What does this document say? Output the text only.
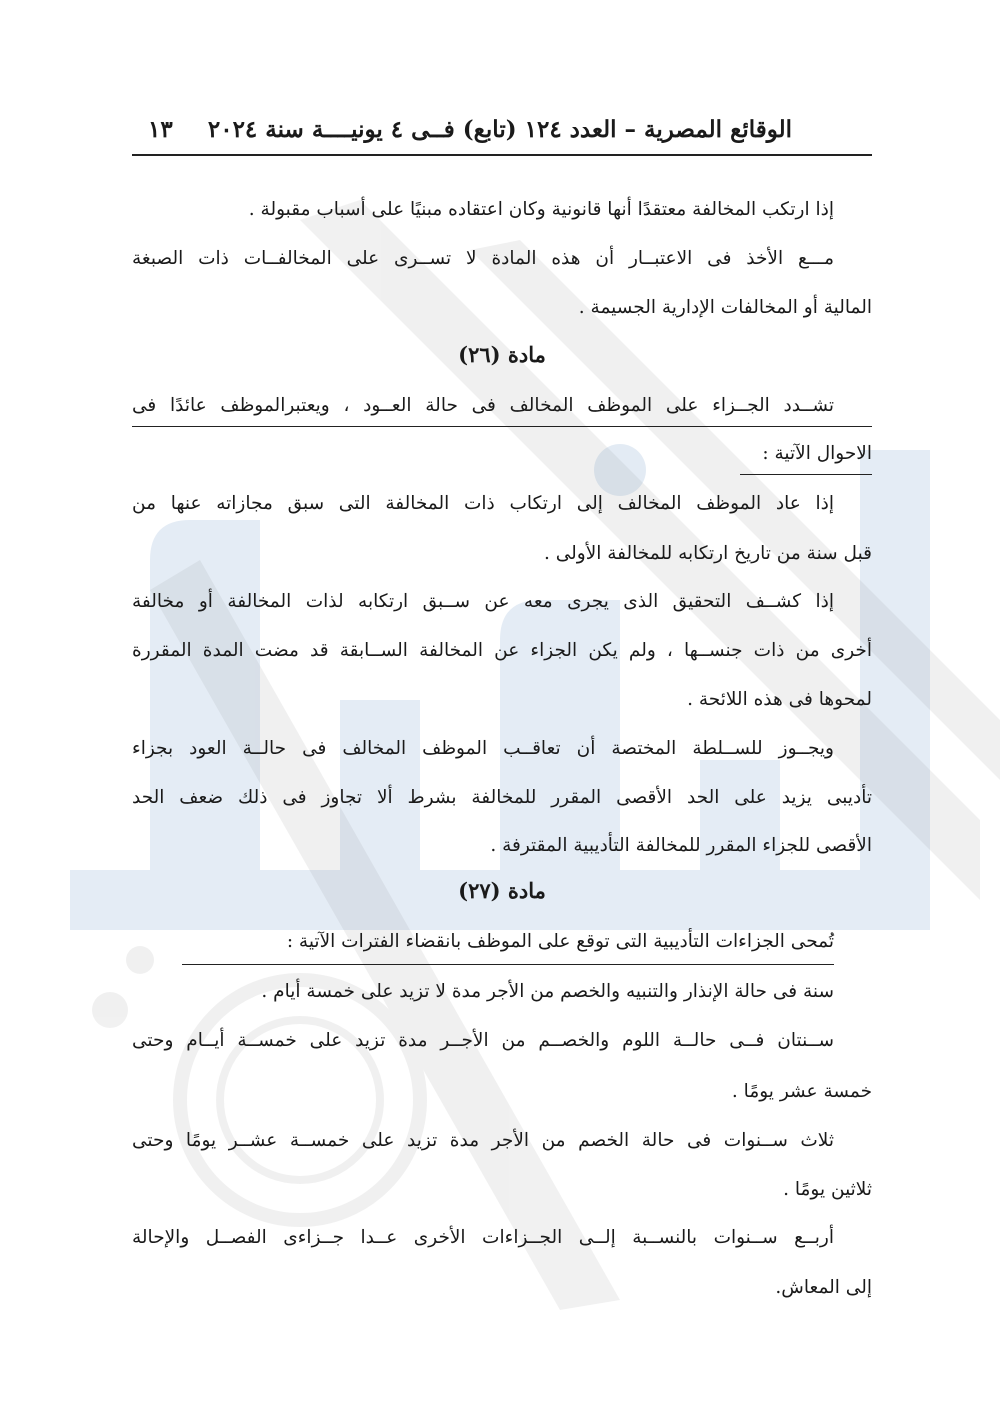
الوقائع المصرية – العدد ١٢٤ (تابع) فــى ٤ يونيــــة سنة ٢٠٢٤
١٣
إذا ارتكب المخالفة معتقدًا أنها قانونية وكان اعتقاده مبنيًا على أسباب مقبولة .
مـــع الأخذ فى الاعتبــار أن هذه المادة لا تســرى على المخالفــات ذات الصبغة
المالية أو المخالفات الإدارية الجسيمة .
مادة (٢٦)
تشــدد الجــزاء على الموظف المخالف فى حالة العــود ، ويعتبرالموظف عائدًا فى
الاحوال الآتية :
إذا عاد الموظف المخالف إلى ارتكاب ذات المخالفة التى سبق مجازاته عنها من
قبل سنة من تاريخ ارتكابه للمخالفة الأولى .
إذا كشــف التحقيق الذى يجرى معه عن ســبق ارتكابه لذات المخالفة أو مخالفة
أخرى من ذات جنســها ، ولم يكن الجزاء عن المخالفة الســابقة قد مضت المدة المقررة
لمحوها فى هذه اللائحة .
ويجــوز للســلطة المختصة أن تعاقــب الموظف المخالف فى حالــة العود بجزاء
تأديبى يزيد على الحد الأقصى المقرر للمخالفة بشرط ألا تجاوز فى ذلك ضعف الحد
الأقصى للجزاء المقرر للمخالفة التأديبية المقترفة .
مادة (٢٧)
تُمحى الجزاءات التأديبية التى توقع على الموظف بانقضاء الفترات الآتية :
سنة فى حالة الإنذار والتنبيه والخصم من الأجر مدة لا تزيد على خمسة أيام .
ســنتان فــى حالــة اللوم والخصــم من الأجــر مدة تزيد على خمســة أيــام وحتى
خمسة عشر يومًا .
ثلاث ســنوات فى حالة الخصم من الأجر مدة تزيد على خمســة عشــر يومًا وحتى
ثلاثين يومًا .
أربــع ســنوات بالنســبة إلــى الجــزاءات الأخرى عــدا جــزاءى الفصــل والإحالة
إلى المعاش.
